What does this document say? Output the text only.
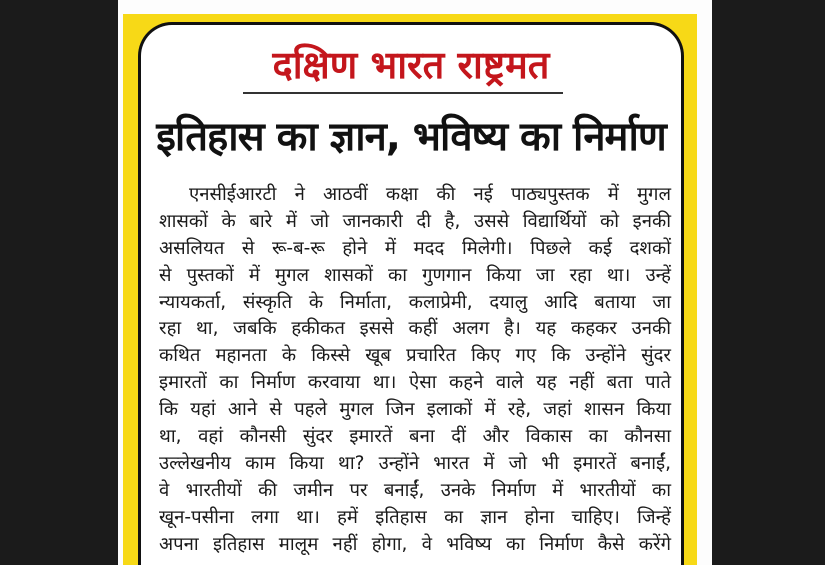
दक्षिण भारत राष्ट्रमत
इतिहास का ज्ञान, भविष्य का निर्माण
एनसीईआरटी ने आठवीं कक्षा की नई पाठ्यपुस्तक में मुगल
शासकों के बारे में जो जानकारी दी है, उससे विद्यार्थियों को इनकी
असलियत से रू-ब-रू होने में मदद मिलेगी। पिछले कई दशकों
से पुस्तकों में मुगल शासकों का गुणगान किया जा रहा था। उन्हें
न्यायकर्ता, संस्कृति के निर्माता, कलाप्रेमी, दयालु आदि बताया जा
रहा था, जबकि हकीकत इससे कहीं अलग है। यह कहकर उनकी
कथित महानता के किस्से खूब प्रचारित किए गए कि उन्होंने सुंदर
इमारतों का निर्माण करवाया था। ऐसा कहने वाले यह नहीं बता पाते
कि यहां आने से पहले मुगल जिन इलाकों में रहे, जहां शासन किया
था, वहां कौनसी सुंदर इमारतें बना दीं और विकास का कौनसा
उल्लेखनीय काम किया था? उन्होंने भारत में जो भी इमारतें बनाईं,
वे भारतीयों की जमीन पर बनाईं, उनके निर्माण में भारतीयों का
खून-पसीना लगा था। हमें इतिहास का ज्ञान होना चाहिए। जिन्हें
अपना इतिहास मालूम नहीं होगा, वे भविष्य का निर्माण कैसे करेंगे
